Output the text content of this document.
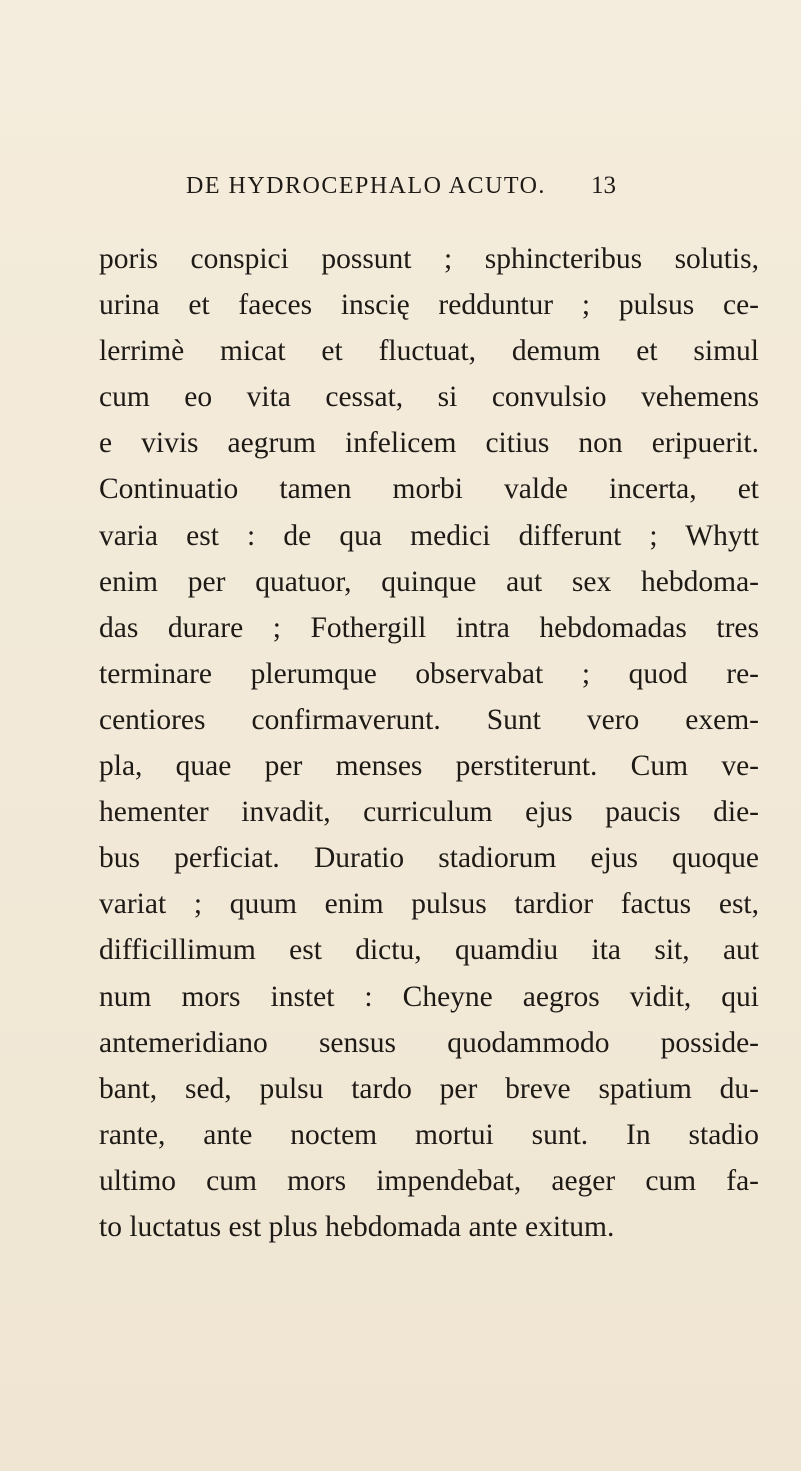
DE HYDROCEPHALO ACUTO.	13
poris conspici possunt ; sphincteribus solutis,
urina et faeces inscię redduntur ; pulsus ce-
lerrimè micat et fluctuat, demum et simul
cum eo vita cessat, si convulsio vehemens
e vivis aegrum infelicem citius non eripuerit.
Continuatio tamen morbi valde incerta, et
varia est : de qua medici differunt ; Whytt
enim per quatuor, quinque aut sex hebdoma-
das durare ; Fothergill intra hebdomadas tres
terminare plerumque observabat ; quod re-
centiores confirmaverunt. Sunt vero exem-
pla, quae per menses perstiterunt. Cum ve-
hementer invadit, curriculum ejus paucis die-
bus perficiat. Duratio stadiorum ejus quoque
variat ; quum enim pulsus tardior factus est,
difficillimum est dictu, quamdiu ita sit, aut
num mors instet : Cheyne aegros vidit, qui
antemeridiano sensus quodammodo posside-
bant, sed, pulsu tardo per breve spatium du-
rante, ante noctem mortui sunt. In stadio
ultimo cum mors impendebat, aeger cum fa-
to luctatus est plus hebdomada ante exitum.
